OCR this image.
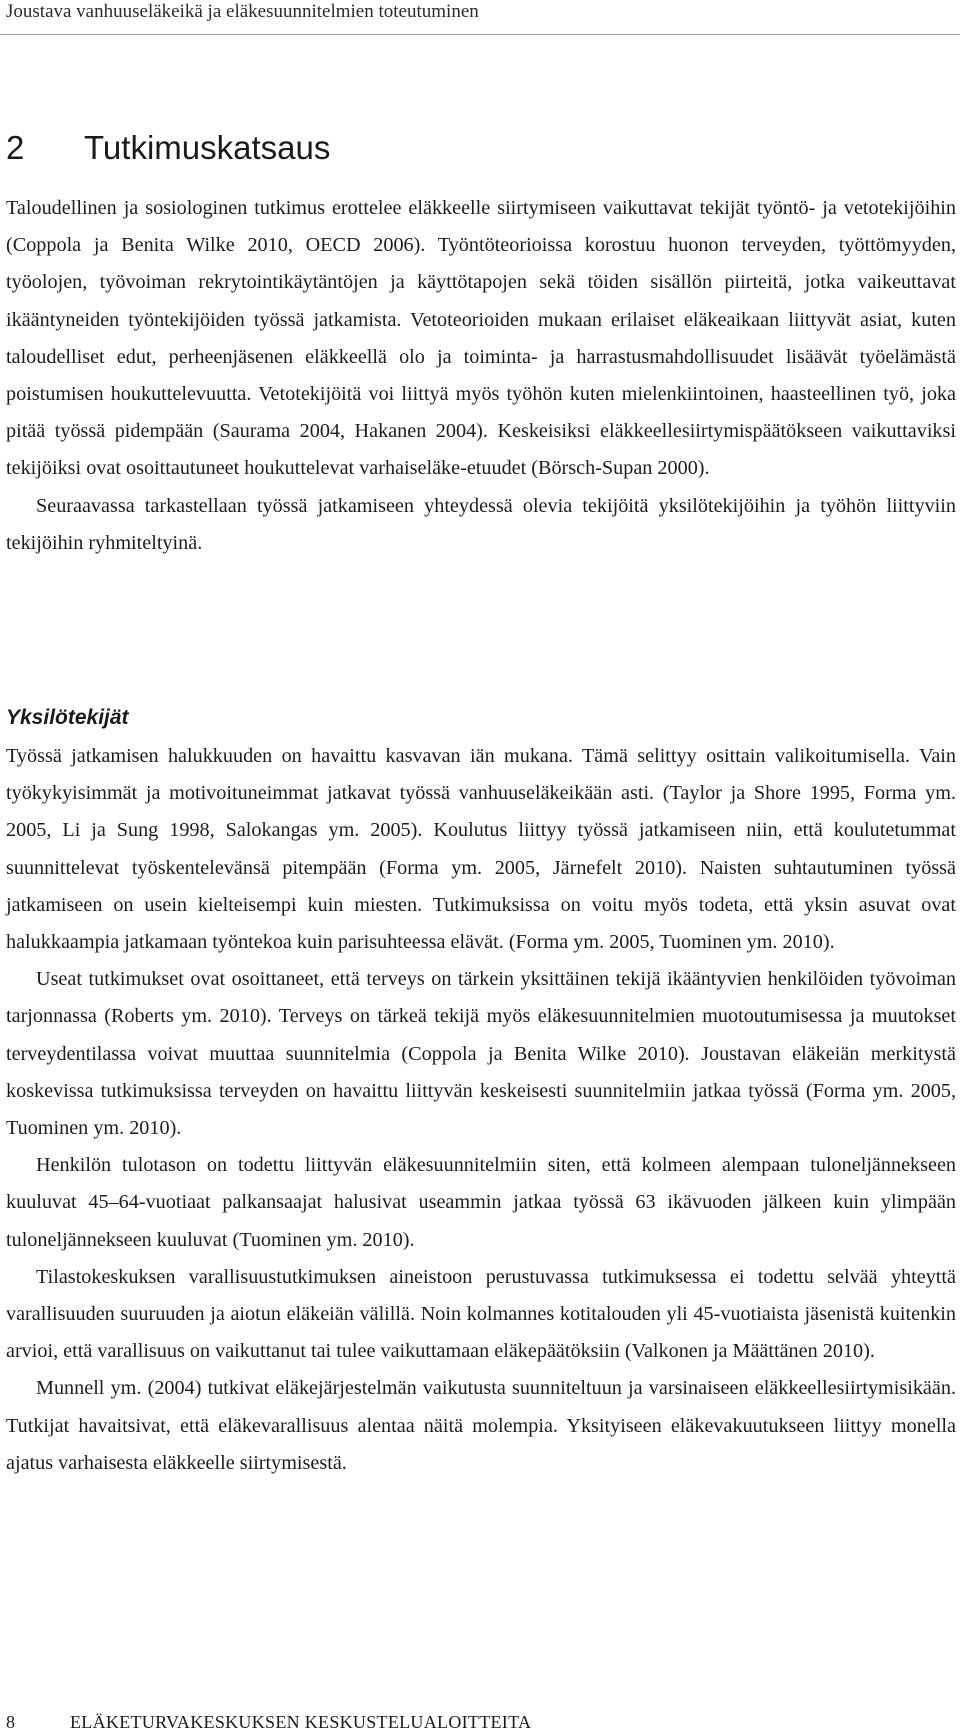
Joustava vanhuuseläkeikä ja eläkesuunnitelmien toteutuminen
2 Tutkimuskatsaus

Taloudellinen ja sosiologinen tutkimus erottelee eläkkeelle siirtymiseen vaikuttavat tekijät työntö- ja vetotekijöihin (Coppola ja Benita Wilke 2010, OECD 2006). Työntöteorioissa korostuu huonon terveyden, työttömyyden, työolojen, työvoiman rekrytointikäytäntöjen ja käyttötapojen sekä töiden sisällön piirteitä, jotka vaikeuttavat ikääntyneiden työntekijöiden työssä jatkamista. Vetoteorioiden mukaan erilaiset eläkeaikaan liittyvät asiat, kuten taloudelliset edut, perheenjäsenen eläkkeellä olo ja toiminta- ja harrastusmahdollisuudet lisäävät työelämästä poistumisen houkuttelevuutta. Vetotekijöitä voi liittyä myös työhön kuten mielenkiintoinen, haasteellinen työ, joka pitää työssä pidempään (Saurama 2004, Hakanen 2004). Keskeisiksi eläkkeellesiirtymispäätökseen vaikuttaviksi tekijöiksi ovat osoittautuneet houkuttelevat varhaiseläke-etuudet (Börsch-Supan 2000).

Seuraavassa tarkastellaan työssä jatkamiseen yhteydessä olevia tekijöitä yksilötekijöihin ja työhön liittyviin tekijöihin ryhmiteltyinä.

Yksilötekijät

Työssä jatkamisen halukkuuden on havaittu kasvavan iän mukana. Tämä selittyy osittain valikoitumisella. Vain työkykyisimmät ja motivoituneimmat jatkavat työssä vanhuuseläkeikään asti. (Taylor ja Shore 1995, Forma ym. 2005, Li ja Sung 1998, Salokangas ym. 2005). Koulutus liittyy työssä jatkamiseen niin, että koulutetummat suunnittelevat työskentelevänsä pitempään (Forma ym. 2005, Järnefelt 2010). Naisten suhtautuminen työssä jatkamiseen on usein kielteisempi kuin miesten. Tutkimuksissa on voitu myös todeta, että yksin asuvat ovat halukkaampia jatkamaan työntekoa kuin parisuhteessa elävät. (Forma ym. 2005, Tuominen ym. 2010).

Useat tutkimukset ovat osoittaneet, että terveys on tärkein yksittäinen tekijä ikääntyvien henkilöiden työvoiman tarjonnassa (Roberts ym. 2010). Terveys on tärkeä tekijä myös eläkesuunnitelmien muotoutumisessa ja muutokset terveydentilassa voivat muuttaa suunnitelmia (Coppola ja Benita Wilke 2010). Joustavan eläkeiän merkitystä koskevissa tutkimuksissa terveyden on havaittu liittyvän keskeisesti suunnitelmiin jatkaa työssä (Forma ym. 2005, Tuominen ym. 2010).

Henkilön tulotason on todettu liittyvän eläkesuunnitelmiin siten, että kolmeen alempaan tuloneljännekseen kuuluvat 45–64-vuotiaat palkansaajat halusivat useammin jatkaa työssä 63 ikävuoden jälkeen kuin ylimpään tuloneljännekseen kuuluvat (Tuominen ym. 2010).

Tilastokeskuksen varallisuustutkimuksen aineistoon perustuvassa tutkimuksessa ei todettu selvää yhteyttä varallisuuden suuruuden ja aiotun eläkeiän välillä. Noin kolmannes kotitalouden yli 45-vuotiaista jäsenistä kuitenkin arvioi, että varallisuus on vaikuttanut tai tulee vaikuttamaan eläkepäätöksiin (Valkonen ja Määttänen 2010).

Munnell ym. (2004) tutkivat eläkejärjestelmän vaikutusta suunniteltuun ja varsinaiseen eläkkeellesiirtymisikään. Tutkijat havaitsivat, että eläkevarallisuus alentaa näitä molempia. Yksityiseen eläkevakuutukseen liittyy monella ajatus varhaisesta eläkkeelle siirtymisestä.

8	ELÄKETURVAKESKUKSEN KESKUSTELUALOITTEITA
